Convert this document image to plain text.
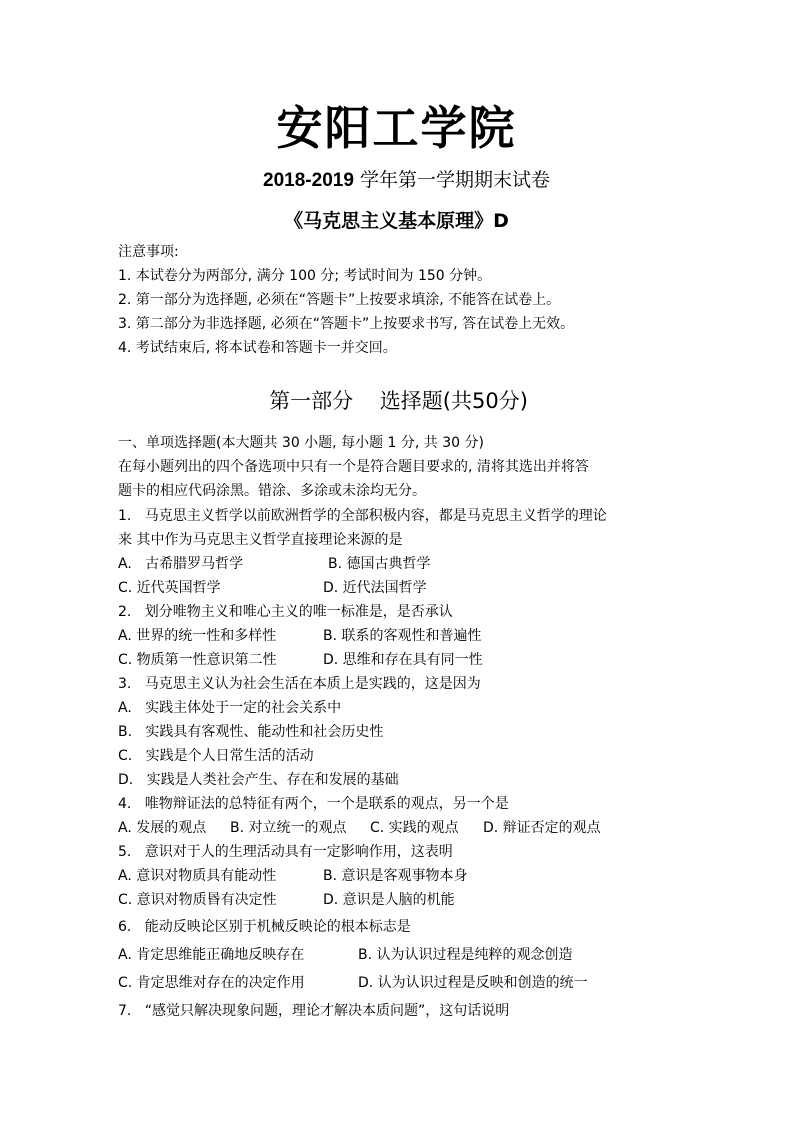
安阳工学院
2018-2019 学年第一学期期末试卷
《马克思主义基本原理》D
注意事项:
1. 本试卷分为两部分, 满分 100 分; 考试时间为 150 分钟。
2. 第一部分为选择题, 必须在“答题卡”上按要求填涂, 不能答在试卷上。
3. 第二部分为非选择题, 必须在“答题卡”上按要求书写, 答在试卷上无效。
4. 考试结束后, 将本试卷和答题卡一并交回。
第一部分    选择题(共50分)
一、单项选择题(本大题共 30 小题, 每小题 1 分, 共 30 分)
在每小题列出的四个备选项中只有一个是符合题目要求的, 清将其选出并将答
题卡的相应代码涂黑。错涂、多涂或未涂均无分。
1.   马克思主义哲学以前欧洲哲学的全部积极内容，都是马克思主义哲学的理论
来 其中作为马克思主义哲学直接理论来源的是
A.   古希腊罗马哲学	B. 德国古典哲学
C. 近代英国哲学	D. 近代法国哲学
2.   划分唯物主义和唯心主义的唯一标准是，是否承认
A. 世界的统一性和多样性	B. 联系的客观性和普遍性
C. 物质第一性意识第二性	D. 思维和存在具有同一性
3.   马克思主义认为社会生活在本质上是实践的，这是因为
A.   实践主体处于一定的社会关系中
B.   实践具有客观性、能动性和社会历史性
C.   实践是个人日常生活的活动
D.   实践是人类社会产生、存在和发展的基础
4.   唯物辩证法的总特征有两个，一个是联系的观点，另一个是
A. 发展的观点 B. 对立统一的观点 C. 实践的观点 D. 辩证否定的观点
5.   意识对于人的生理活动具有一定影响作用，这表明
A. 意识对物质具有能动性	B. 意识是客观事物本身
C. 意识对物质昬有决定性	D. 意识是人脑的机能
6.   能动反映论区别于机械反映论的根本标志是
A. 肯定思维能正确地反映存在	B. 认为认识过程是纯粹的观念创造
C. 肯定思维对存在的决定作用	D. 认为认识过程是反映和创造的统一
7.   “感觉只解决现象问题，理论才解决本质问题”，这句话说明
